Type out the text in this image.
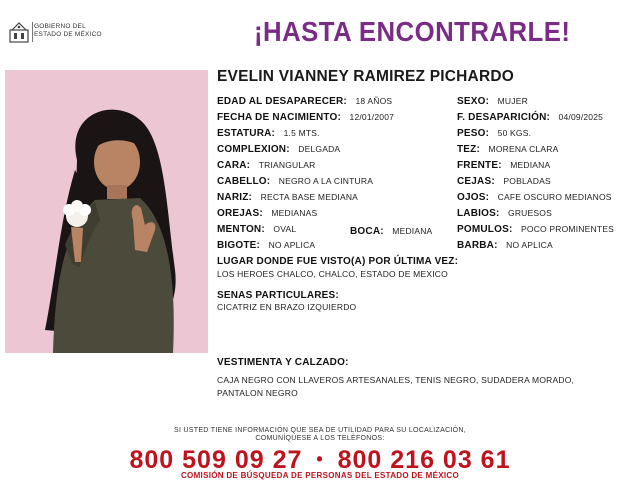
GOBIERNO DEL
ESTADO DE MÉXICO	¡HASTA ENCONTRARLE!
EVELIN VIANNEY RAMIREZ PICHARDO
EDAD AL DESAPARECER: 18 AÑOS
FECHA DE NACIMIENTO: 12/01/2007
ESTATURA: 1.5 MTS.
COMPLEXION: DELGADA
CARA: TRIANGULAR
CABELLO: NEGRO A LA CINTURA
NARIZ: RECTA BASE MEDIANA
OREJAS: MEDIANAS
MENTON: OVAL	BOCA: MEDIANA
BIGOTE: NO APLICA
SEXO: MUJER
F. DESAPARICIÓN: 04/09/2025
PESO: 50 KGS.
TEZ: MORENA CLARA
FRENTE: MEDIANA
CEJAS: POBLADAS
OJOS: CAFE OSCURO MEDIANOS
LABIOS: GRUESOS
POMULOS: POCO PROMINENTES
BARBA: NO APLICA
LUGAR DONDE FUE VISTO(A) POR ÚLTIMA VEZ:
LOS HEROES CHALCO, CHALCO, ESTADO DE MEXICO
SENAS PARTICULARES:
CICATRIZ EN BRAZO IZQUIERDO
VESTIMENTA Y CALZADO:
CAJA NEGRO CON LLAVEROS ARTESANALES, TENIS NEGRO, SUDADERA MORADO,
PANTALON NEGRO
SI USTED TIENE INFORMACIÓN QUE SEA DE UTILIDAD PARA SU LOCALIZACIÓN,
COMUNÍQUESE A LOS TELÉFONOS:
800 509 09 27 • 800 216 03 61
COMISIÓN DE BÚSQUEDA DE PERSONAS DEL ESTADO DE MÉXICO
